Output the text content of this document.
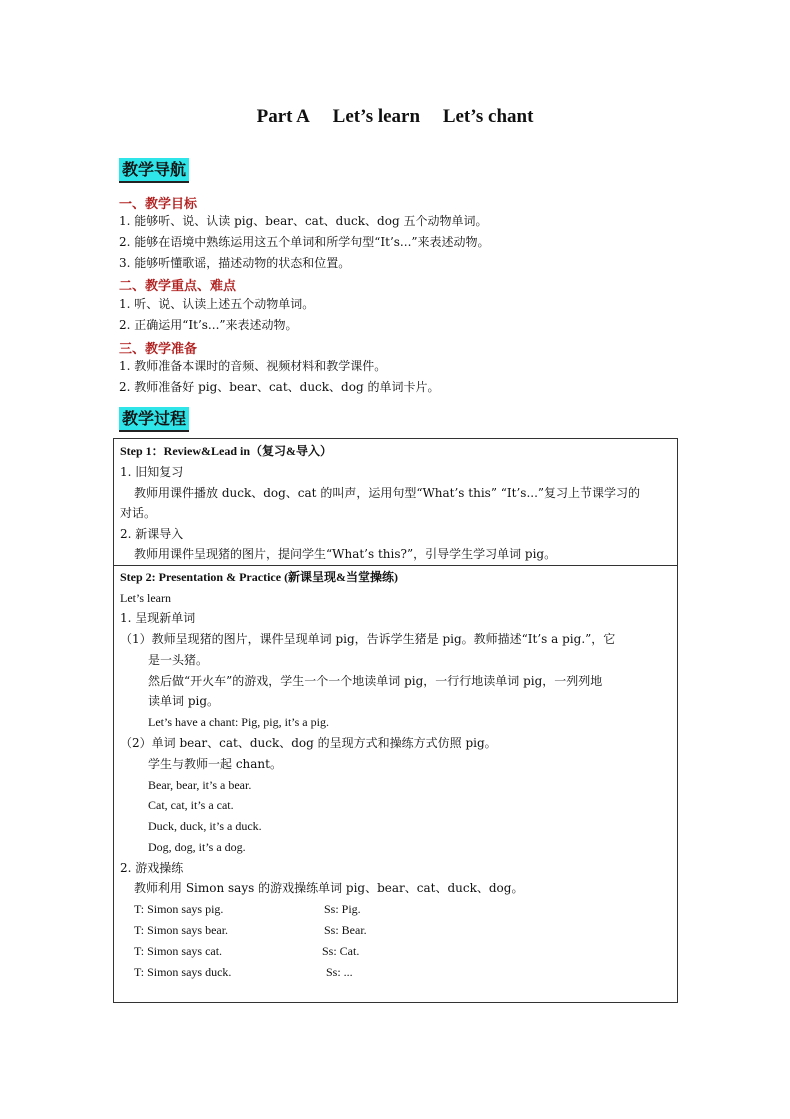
Part A Let’s learn Let’s chant
教学导航
一、教学目标
1. 能够听、说、认读 pig、bear、cat、duck、dog 五个动物单词。
2. 能够在语境中熟练运用这五个单词和所学句型“It’s...”来表述动物。
3. 能够听懂歌谣，描述动物的状态和位置。
二、教学重点、难点
1. 听、说、认读上述五个动物单词。
2. 正确运用“It’s...”来表述动物。
三、教学准备
1. 教师准备本课时的音频、视频材料和教学课件。
2. 教师准备好 pig、bear、cat、duck、dog 的单词卡片。
教学过程
Step 1：Review&Lead in（复习&导入）
1. 旧知复习
教师用课件播放 duck、dog、cat 的叫声，运用句型“What’s this” “It’s...”复习上节课学习的
对话。
2. 新课导入
教师用课件呈现猪的图片，提问学生“What’s this?”，引导学生学习单词 pig。
Step 2: Presentation & Practice (新课呈现&当堂操练)
Let’s learn
1. 呈现新单词
（1）教师呈现猪的图片，课件呈现单词 pig，告诉学生猪是 pig。教师描述“It’s a pig.”，它
是一头猪。
然后做“开火车”的游戏，学生一个一个地读单词 pig，一行行地读单词 pig，一列列地
读单词 pig。
Let’s have a chant: Pig, pig, it’s a pig.
（2）单词 bear、cat、duck、dog 的呈现方式和操练方式仿照 pig。
学生与教师一起 chant。
Bear, bear, it’s a bear.
Cat, cat, it’s a cat.
Duck, duck, it’s a duck.
Dog, dog, it’s a dog.
2. 游戏操练
教师利用 Simon says 的游戏操练单词 pig、bear、cat、duck、dog。
T: Simon says pig.	Ss: Pig.
T: Simon says bear.	Ss: Bear.
T: Simon says cat.	Ss: Cat.
T: Simon says duck.	Ss: ...
